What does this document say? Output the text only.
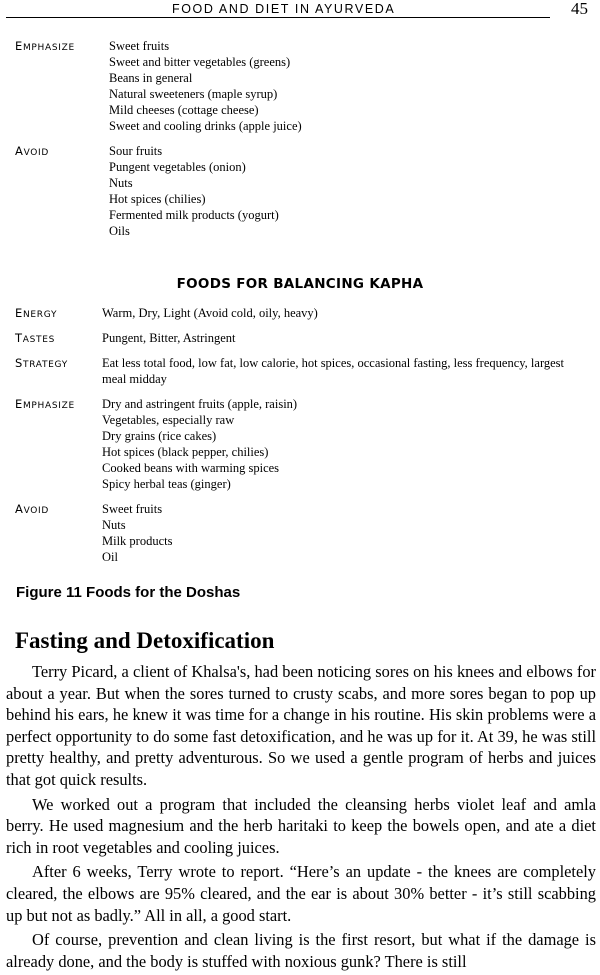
FOOD AND DIET IN AYURVEDA	45
EMPHASIZE	Sweet fruits
Sweet and bitter vegetables (greens)
Beans in general
Natural sweeteners (maple syrup)
Mild cheeses (cottage cheese)
Sweet and cooling drinks (apple juice)
AVOID	Sour fruits
Pungent vegetables (onion)
Nuts
Hot spices (chilies)
Fermented milk products (yogurt)
Oils
FOODS FOR BALANCING KAPHA
ENERGY	Warm, Dry, Light (Avoid cold, oily, heavy)
TASTES	Pungent, Bitter, Astringent
STRATEGY	Eat less total food, low fat, low calorie, hot spices, occasional fasting, less frequency, largest meal midday
EMPHASIZE Dry and astringent fruits (apple, raisin)
Vegetables, especially raw
Dry grains (rice cakes)
Hot spices (black pepper, chilies)
Cooked beans with warming spices
Spicy herbal teas (ginger)
AVOID	Sweet fruits
Nuts
Milk products
Oil
Figure 11 Foods for the Doshas
Fasting and Detoxification

Terry Picard, a client of Khalsa's, had been noticing sores on his knees and elbows for about a year. But when the sores turned to crusty scabs, and more sores began to pop up behind his ears, he knew it was time for a change in his routine. His skin problems were a perfect opportunity to do some fast detoxification, and he was up for it. At 39, he was still pretty healthy, and pretty adventurous. So we used a gentle program of herbs and juices that got quick results.

We worked out a program that included the cleansing herbs violet leaf and amla berry. He used magnesium and the herb haritaki to keep the bowels open, and ate a diet rich in root vegetables and cooling juices.

After 6 weeks, Terry wrote to report. “Here’s an update - the knees are completely cleared, the elbows are 95% cleared, and the ear is about 30% better - it’s still scabbing up but not as badly.” All in all, a good start.

Of course, prevention and clean living is the first resort, but what if the damage is already done, and the body is stuffed with noxious gunk? There is still
